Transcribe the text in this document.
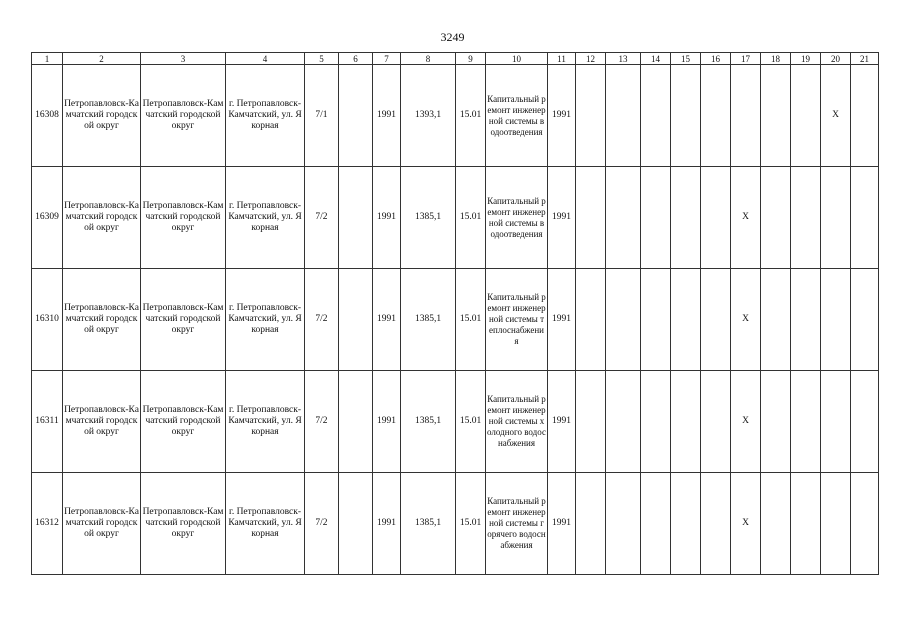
3249
1	2	3	4	5	6	7	8	9	10	11	12	13	14	15	16	17	18	19	20	21
16308	Петропавловск-Камчатский городской округ	Петропавловск-Камчатский городской округ	г. Петропавловск-Камчатский, ул. Якорная	7/1		1991	1393,1	15.01	Капитальный ремонт инженерной системы водоотведения	1991									X	
16309	Петропавловск-Камчатский городской округ	Петропавловск-Камчатский городской округ	г. Петропавловск-Камчатский, ул. Якорная	7/2		1991	1385,1	15.01	Капитальный ремонт инженерной системы водоотведения	1991						X				
16310	Петропавловск-Камчатский городской округ	Петропавловск-Камчатский городской округ	г. Петропавловск-Камчатский, ул. Якорная	7/2		1991	1385,1	15.01	Капитальный ремонт инженерной системы теплоснабжения	1991						X				
16311	Петропавловск-Камчатский городской округ	Петропавловск-Камчатский городской округ	г. Петропавловск-Камчатский, ул. Якорная	7/2		1991	1385,1	15.01	Капитальный ремонт инженерной системы холодного водоснабжения	1991						X				
16312	Петропавловск-Камчатский городской округ	Петропавловск-Камчатский городской округ	г. Петропавловск-Камчатский, ул. Якорная	7/2		1991	1385,1	15.01	Капитальный ремонт инженерной системы горячего водоснабжения	1991						X				
